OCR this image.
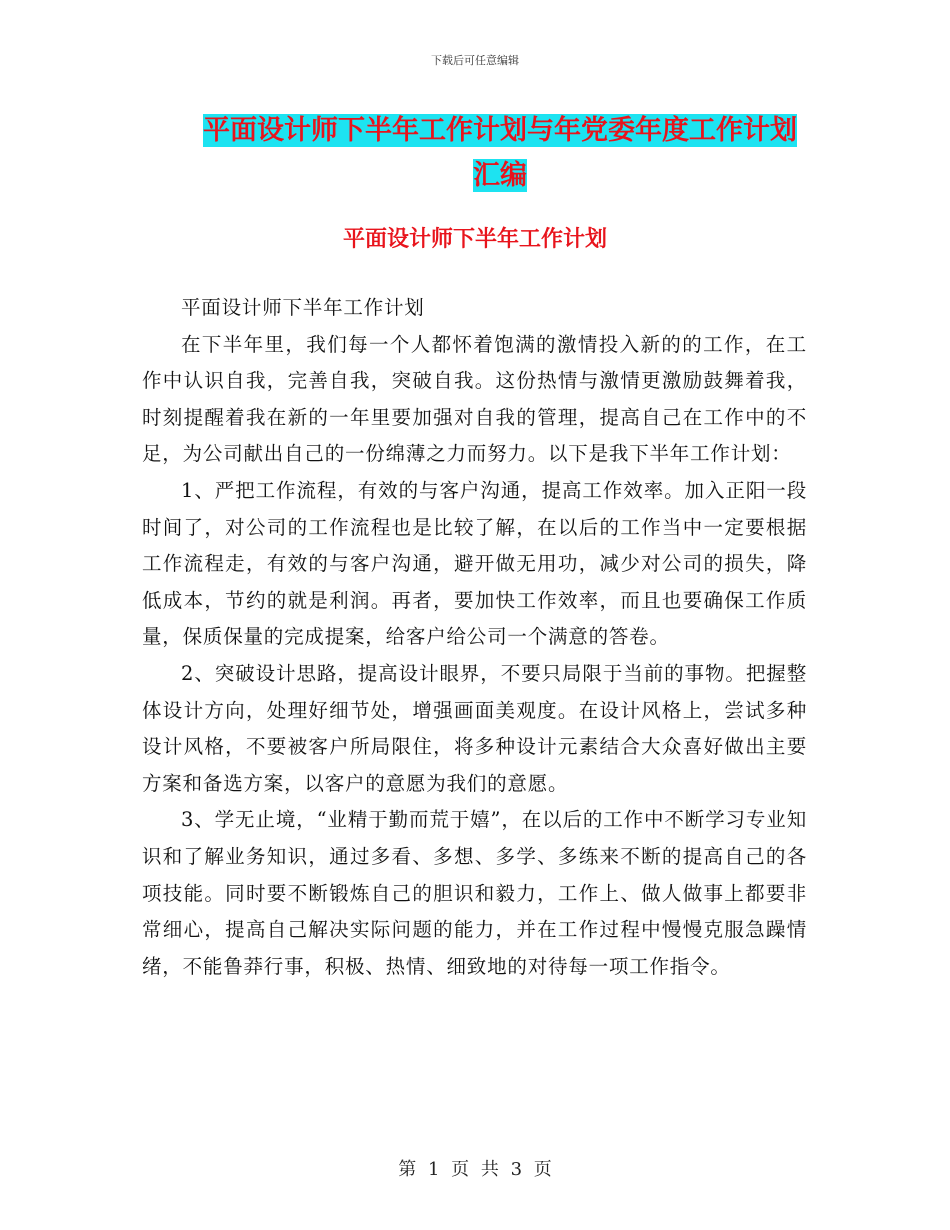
下载后可任意编辑
平面设计师下半年工作计划与年党委年度工作计划汇编
平面设计师下半年工作计划

平面设计师下半年工作计划

在下半年里，我们每一个人都怀着饱满的激情投入新的的工作，在工作中认识自我，完善自我，突破自我。这份热情与激情更激励鼓舞着我，时刻提醒着我在新的一年里要加强对自我的管理，提高自己在工作中的不足，为公司献出自己的一份绵薄之力而努力。以下是我下半年工作计划：

1、严把工作流程，有效的与客户沟通，提高工作效率。加入正阳一段时间了，对公司的工作流程也是比较了解，在以后的工作当中一定要根据工作流程走，有效的与客户沟通，避开做无用功，减少对公司的损失，降低成本，节约的就是利润。再者，要加快工作效率，而且也要确保工作质量，保质保量的完成提案，给客户给公司一个满意的答卷。

2、突破设计思路，提高设计眼界，不要只局限于当前的事物。把握整体设计方向，处理好细节处，增强画面美观度。在设计风格上，尝试多种设计风格，不要被客户所局限住，将多种设计元素结合大众喜好做出主要方案和备选方案，以客户的意愿为我们的意愿。

3、学无止境，“业精于勤而荒于嬉”，在以后的工作中不断学习专业知识和了解业务知识，通过多看、多想、多学、多练来不断的提高自己的各项技能。同时要不断锻炼自己的胆识和毅力，工作上、做人做事上都要非常细心，提高自己解决实际问题的能力，并在工作过程中慢慢克服急躁情绪，不能鲁莽行事，积极、热情、细致地的对待每一项工作指令。

第 1 页 共 3 页
